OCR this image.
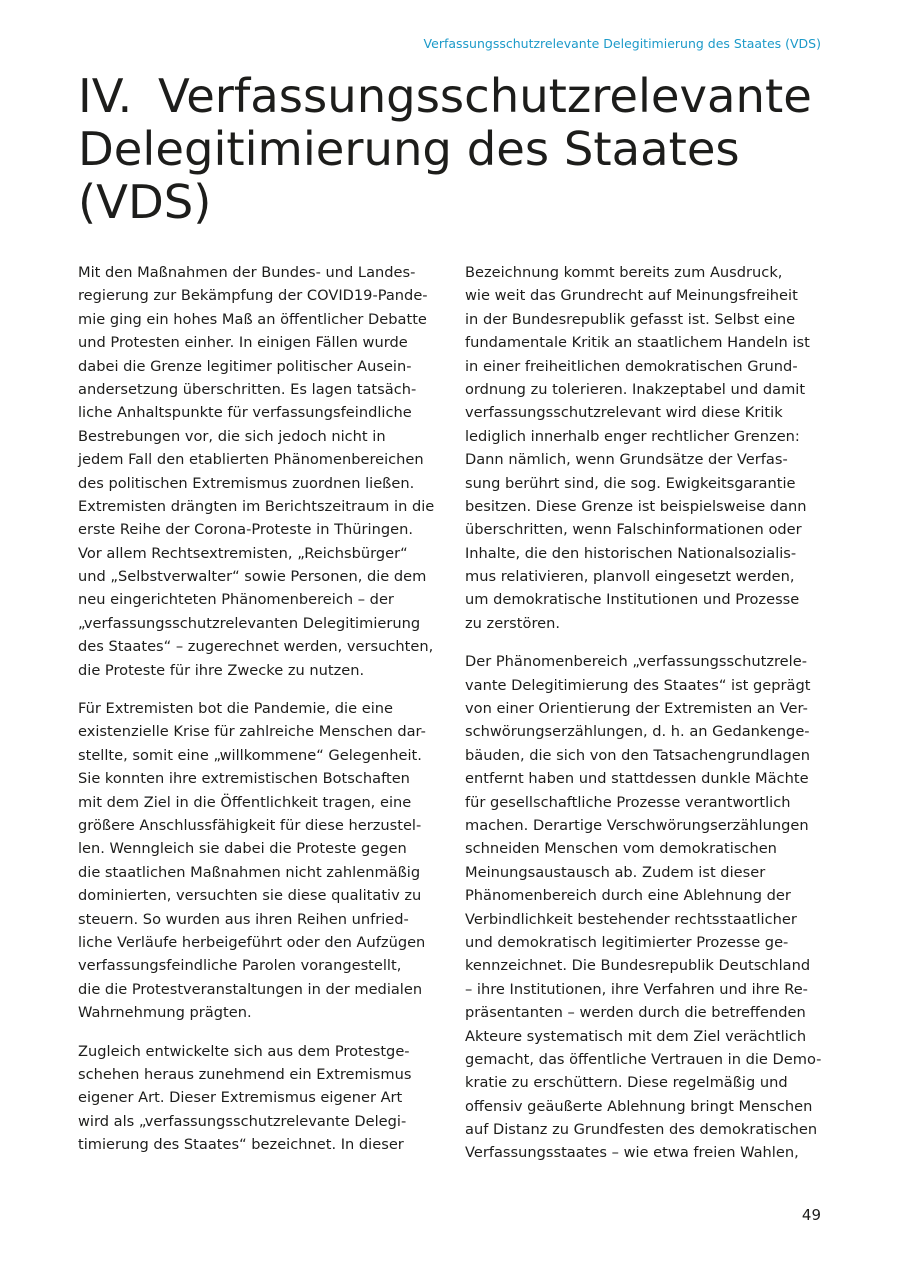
Verfassungsschutzrelevante Delegitimierung des Staates (VDS)
IV. Verfassungsschutzrelevante
Delegitimierung des Staates (VDS)

Mit den Maßnahmen der Bundes- und Landes-
regierung zur Bekämpfung der COVID19-Pande-
mie ging ein hohes Maß an öffentlicher Debatte
und Protesten einher. In einigen Fällen wurde
dabei die Grenze legitimer politischer Ausein-
andersetzung überschritten. Es lagen tatsäch-
liche Anhaltspunkte für verfassungsfeindliche
Bestrebungen vor, die sich jedoch nicht in
jedem Fall den etablierten Phänomenbereichen
des politischen Extremismus zuordnen ließen.
Extremisten drängten im Berichtszeitraum in die
erste Reihe der Corona-Proteste in Thüringen.
Vor allem Rechtsextremisten, „Reichsbürger“
und „Selbstverwalter“ sowie Personen, die dem
neu eingerichteten Phänomenbereich – der
„verfassungsschutzrelevanten Delegitimierung
des Staates“ – zugerechnet werden, versuchten,
die Proteste für ihre Zwecke zu nutzen.

Für Extremisten bot die Pandemie, die eine
existenzielle Krise für zahlreiche Menschen dar-
stellte, somit eine „willkommene“ Gelegenheit.
Sie konnten ihre extremistischen Botschaften
mit dem Ziel in die Öffentlichkeit tragen, eine
größere Anschlussfähigkeit für diese herzustel-
len. Wenngleich sie dabei die Proteste gegen
die staatlichen Maßnahmen nicht zahlenmäßig
dominierten, versuchten sie diese qualitativ zu
steuern. So wurden aus ihren Reihen unfried-
liche Verläufe herbeigeführt oder den Aufzügen
verfassungsfeindliche Parolen vorangestellt,
die die Protestveranstaltungen in der medialen
Wahrnehmung prägten.

Zugleich entwickelte sich aus dem Protestge-
schehen heraus zunehmend ein Extremismus
eigener Art. Dieser Extremismus eigener Art
wird als „verfassungsschutzrelevante Delegi-
timierung des Staates“ bezeichnet. In dieser

Bezeichnung kommt bereits zum Ausdruck,
wie weit das Grundrecht auf Meinungsfreiheit
in der Bundesrepublik gefasst ist. Selbst eine
fundamentale Kritik an staatlichem Handeln ist
in einer freiheitlichen demokratischen Grund-
ordnung zu tolerieren. Inakzeptabel und damit
verfassungsschutzrelevant wird diese Kritik
lediglich innerhalb enger rechtlicher Grenzen:
Dann nämlich, wenn Grundsätze der Verfas-
sung berührt sind, die sog. Ewigkeitsgarantie
besitzen. Diese Grenze ist beispielsweise dann
überschritten, wenn Falschinformationen oder
Inhalte, die den historischen Nationalsozialis-
mus relativieren, planvoll eingesetzt werden,
um demokratische Institutionen und Prozesse
zu zerstören.

Der Phänomenbereich „verfassungsschutzrele-
vante Delegitimierung des Staates“ ist geprägt
von einer Orientierung der Extremisten an Ver-
schwörungserzählungen, d. h. an Gedankenge-
bäuden, die sich von den Tatsachengrundlagen
entfernt haben und stattdessen dunkle Mächte
für gesellschaftliche Prozesse verantwortlich
machen. Derartige Verschwörungserzählungen
schneiden Menschen vom demokratischen
Meinungsaustausch ab. Zudem ist dieser
Phänomenbereich durch eine Ablehnung der
Verbindlichkeit bestehender rechtsstaatlicher
und demokratisch legitimierter Prozesse ge-
kennzeichnet. Die Bundesrepublik Deutschland
– ihre Institutionen, ihre Verfahren und ihre Re-
präsentanten – werden durch die betreffenden
Akteure systematisch mit dem Ziel verächtlich
gemacht, das öffentliche Vertrauen in die Demo-
kratie zu erschüttern. Diese regelmäßig und
offensiv geäußerte Ablehnung bringt Menschen
auf Distanz zu Grundfesten des demokratischen
Verfassungsstaates – wie etwa freien Wahlen,

49
